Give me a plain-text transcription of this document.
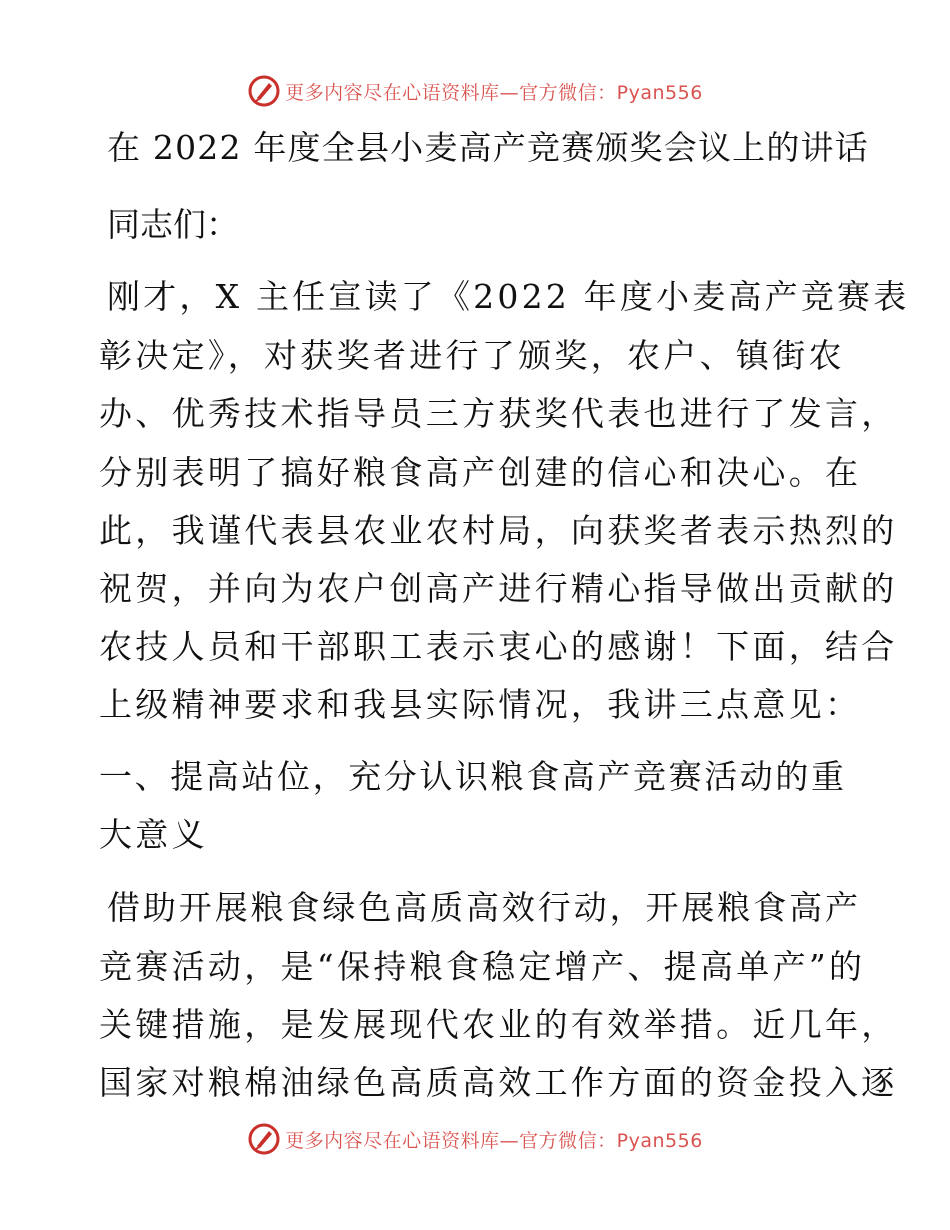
更多内容尽在心语资料库—官方微信：Pyan556

在 2022 年度全县小麦高产竞赛颁奖会议上的讲话

同志们：

刚才，X 主任宣读了《2022 年度小麦高产竞赛表

彰决定》，对获奖者进行了颁奖，农户、镇街农

办、优秀技术指导员三方获奖代表也进行了发言，

分别表明了搞好粮食高产创建的信心和决心。在

此，我谨代表县农业农村局，向获奖者表示热烈的

祝贺，并向为农户创高产进行精心指导做出贡献的

农技人员和干部职工表示衷心的感谢！下面，结合

上级精神要求和我县实际情况，我讲三点意见：

一、提高站位，充分认识粮食高产竞赛活动的重

大意义

借助开展粮食绿色高质高效行动，开展粮食高产

竞赛活动，是“保持粮食稳定增产、提高单产”的

关键措施，是发展现代农业的有效举措。近几年，

国家对粮棉油绿色高质高效工作方面的资金投入逐

更多内容尽在心语资料库—官方微信：Pyan556
